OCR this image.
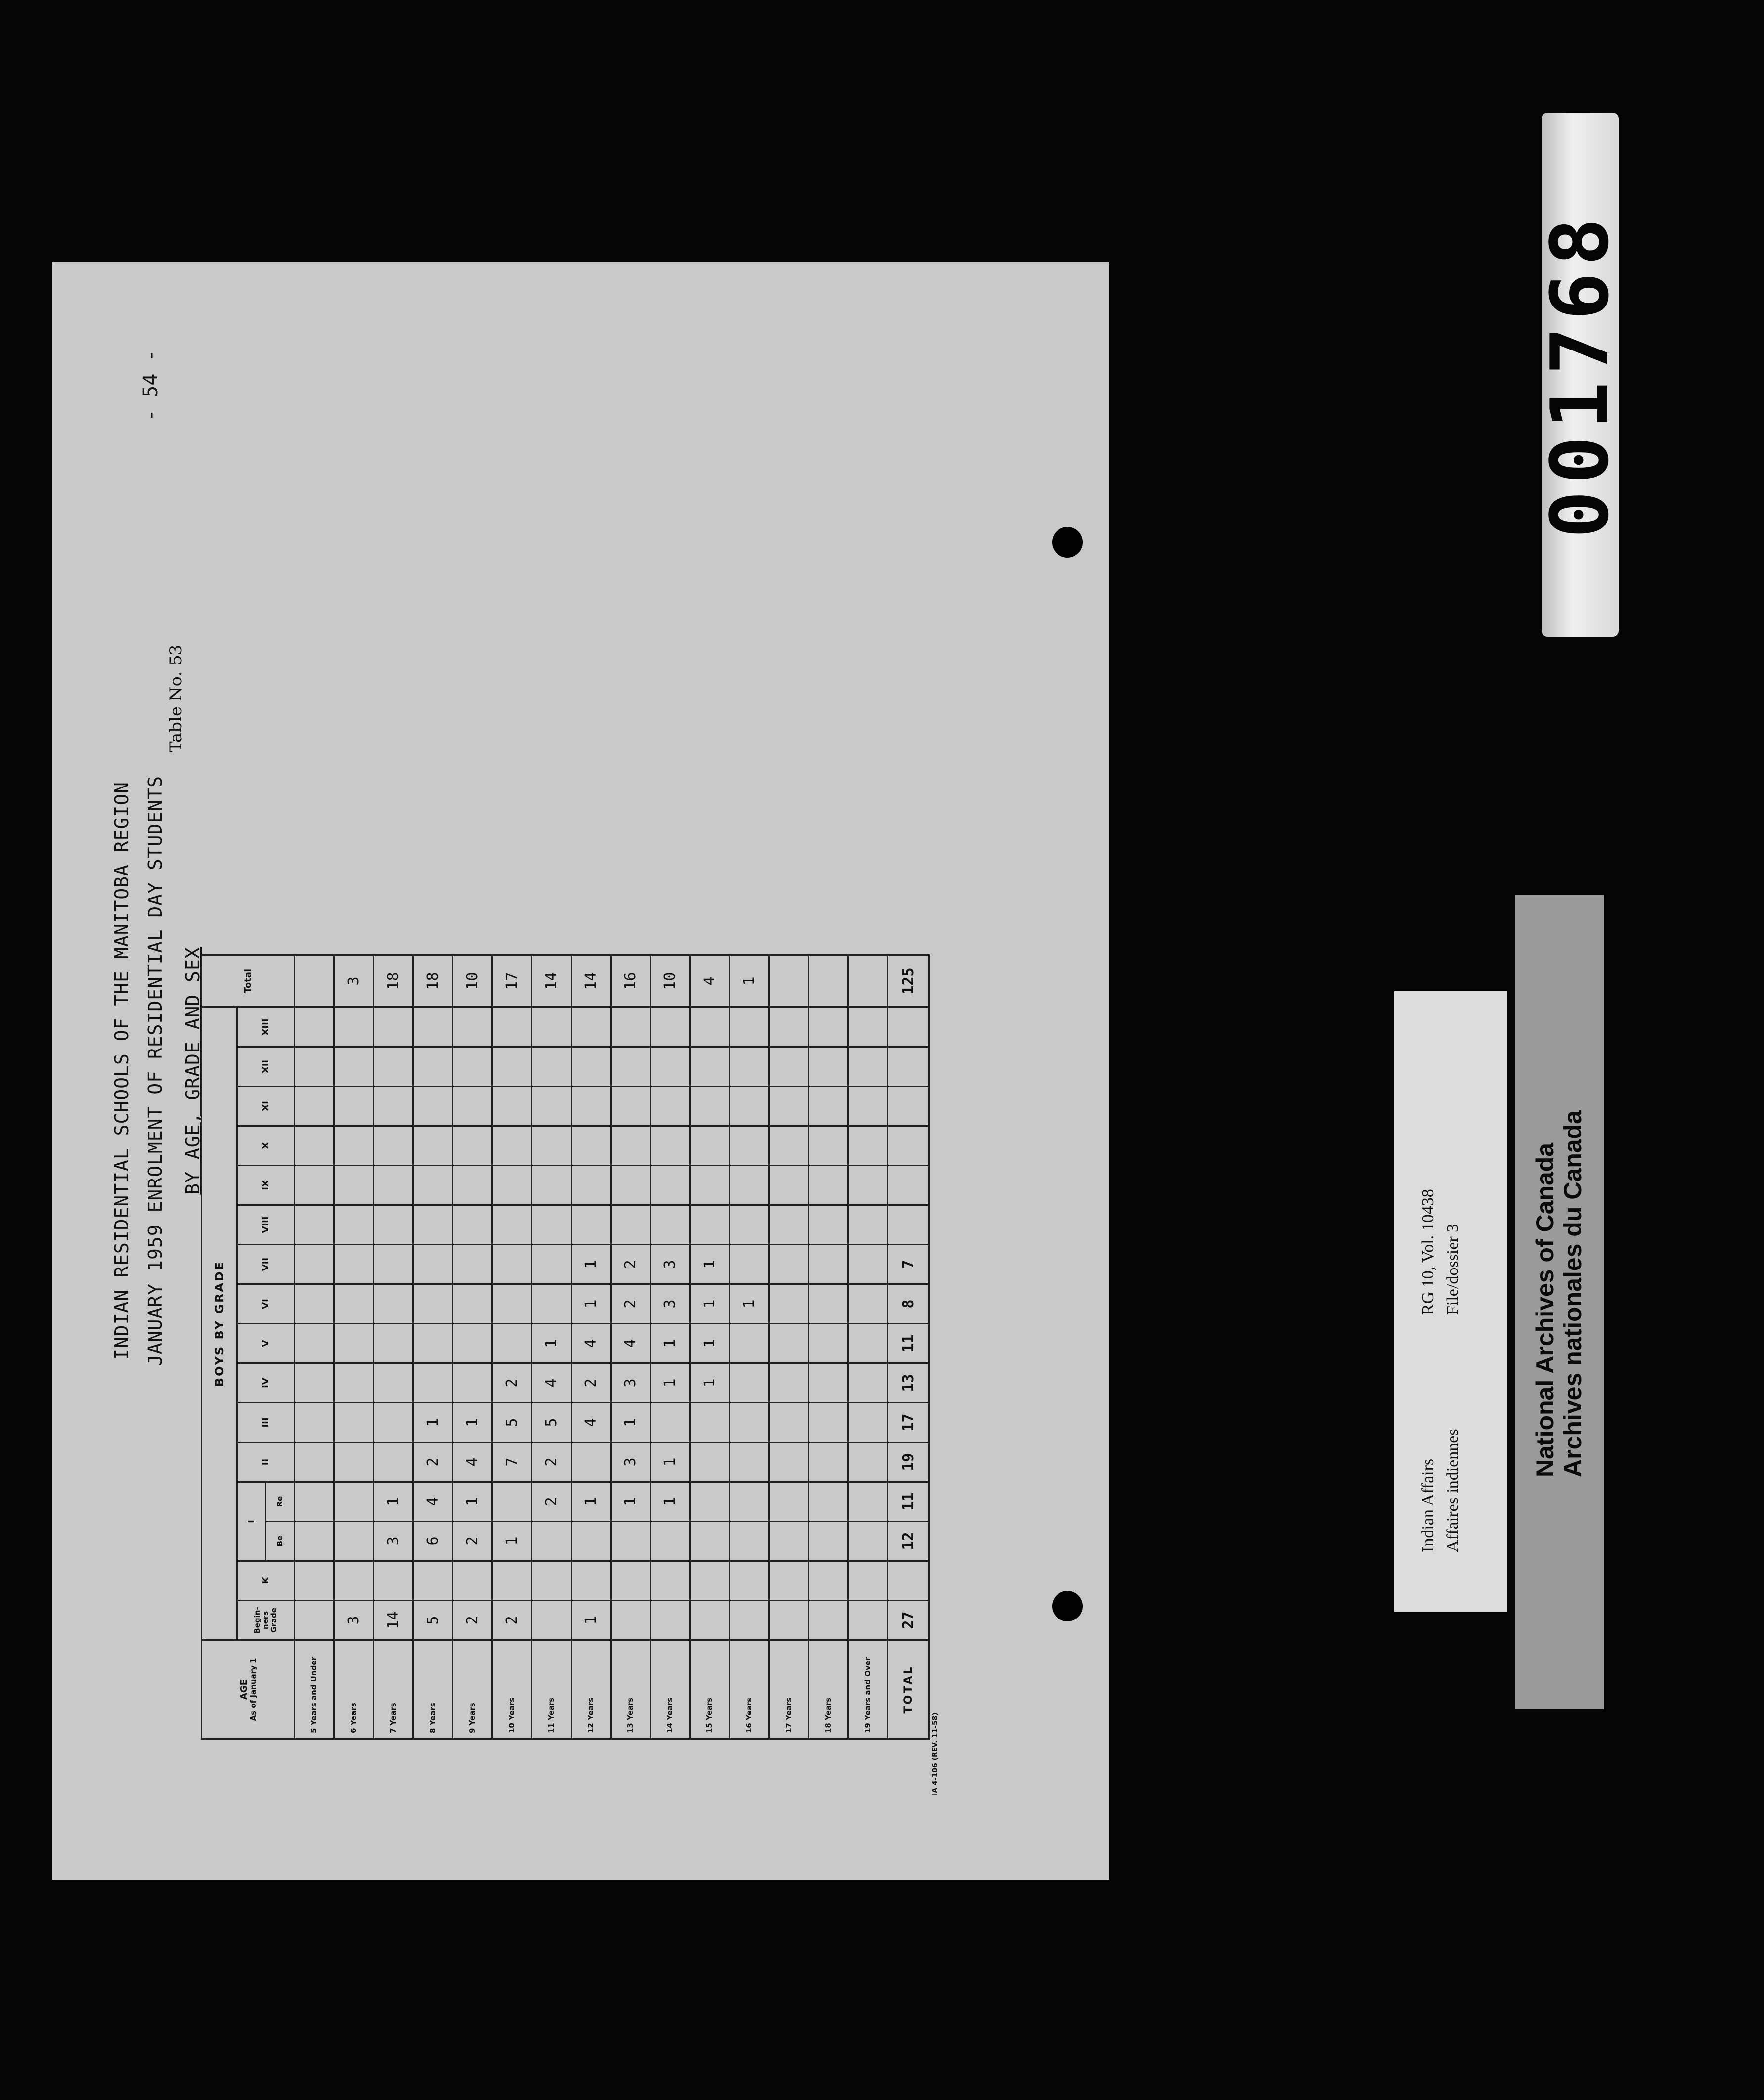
- 54 -
INDIAN RESIDENTIAL SCHOOLS OF THE MANITOBA REGION JANUARY 1959 ENROLMENT OF RESIDENTIAL DAY STUDENTS BY AGE, GRADE AND SEX
Table No. 53
AGE As of January 1	BOYS BY GRADE																Total
	Begin-ners Grade	K	I		II	III	IV	V	VI	VII	VIII	IX	X	XI	XII	XIII	
			Be	Re													
5 Years and Under																	
6 Years	3																3
7 Years	14		3	1													18
8 Years	5		6	4	2	1											18
9 Years	2		2	1	4	1											10
10 Years	2		1		7	5	2										17
11 Years				2	2	5	4	1									14
12 Years	1			1		4	2	4	1	1							14
13 Years				1	3	1	3	4	2	2							16
14 Years				1	1		1	1	3	3							10
15 Years							1	1	1	1							4
16 Years									1								1
17 Years																	
18 Years																	
19 Years and Over																	
TOTAL	27		12	11	19	17	13	11	8	7							125
IA 4-106 (REV. 11-58)
Indian Affairs Affaires indiennes
RG 10, Vol. 10438 File/dossier 3	National Archives of Canada Archives nationales du Canada
001768
